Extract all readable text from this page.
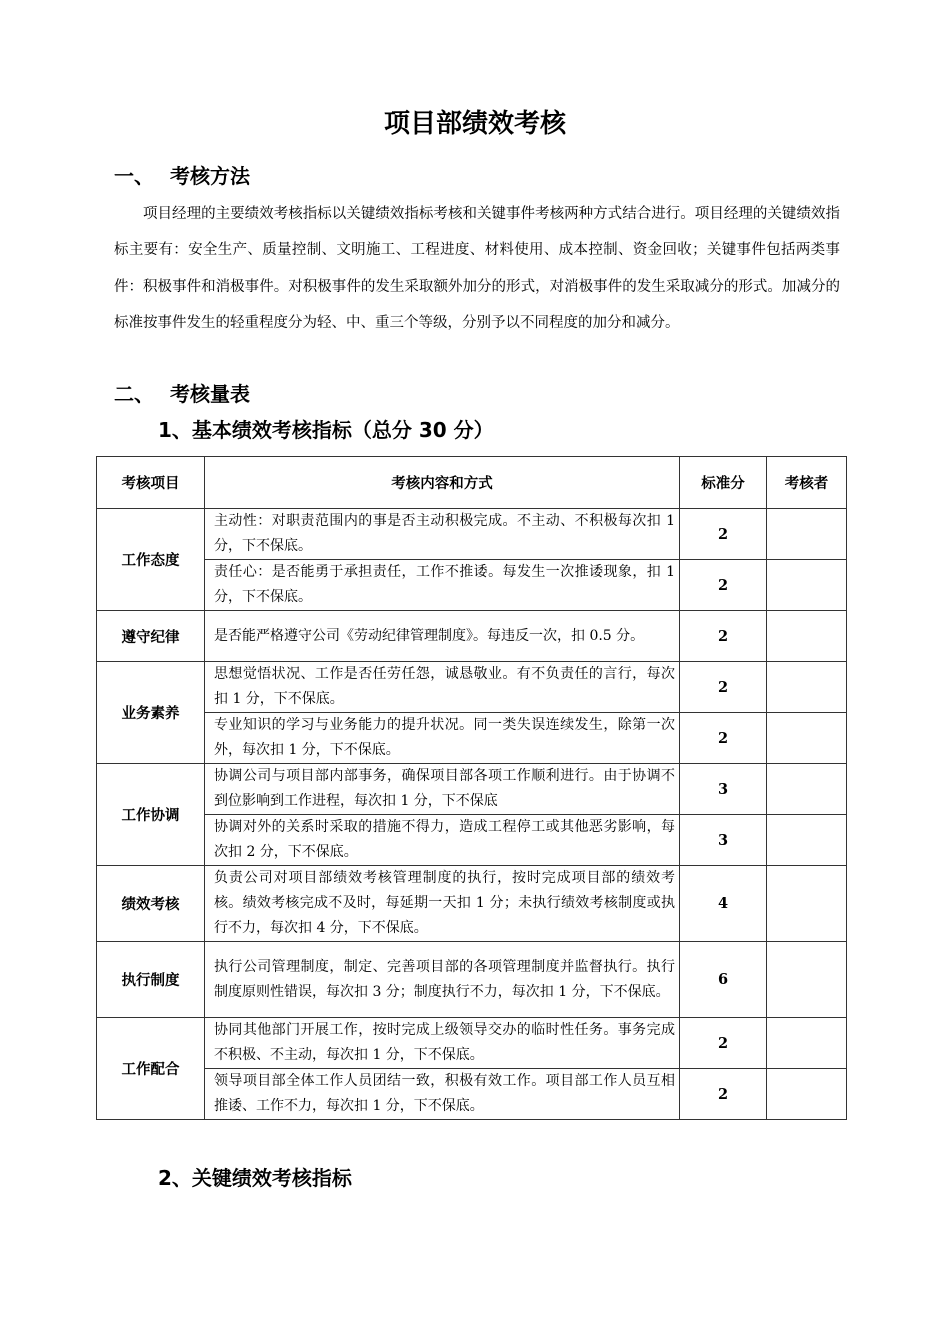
项目部绩效考核
一、 考核方法

项目经理的主要绩效考核指标以关键绩效指标考核和关键事件考核两种方式结合进行。项目经理的关键绩效指标主要有：安全生产、质量控制、文明施工、工程进度、材料使用、成本控制、资金回收；关键事件包括两类事件：积极事件和消极事件。对积极事件的发生采取额外加分的形式，对消极事件的发生采取减分的形式。加减分的标准按事件发生的轻重程度分为轻、中、重三个等级，分别予以不同程度的加分和减分。

二、 考核量表
1、基本绩效考核指标（总分 30 分）
考核项目	考核内容和方式	标准分	考核者
工作态度	主动性：对职责范围内的事是否主动积极完成。不主动、不积极每次扣 1 分，下不保底。	2	
	责任心：是否能勇于承担责任，工作不推诿。每发生一次推诿现象，扣 1 分，下不保底。	2	
遵守纪律	是否能严格遵守公司《劳动纪律管理制度》。每违反一次，扣 0.5 分。	2	
业务素养	思想觉悟状况、工作是否任劳任怨，诚恳敬业。有不负责任的言行，每次扣 1 分，下不保底。	2	
	专业知识的学习与业务能力的提升状况。同一类失误连续发生，除第一次外，每次扣 1 分，下不保底。	2	
工作协调	协调公司与项目部内部事务，确保项目部各项工作顺利进行。由于协调不到位影响到工作进程，每次扣 1 分，下不保底	3	
	协调对外的关系时采取的措施不得力，造成工程停工或其他恶劣影响，每次扣 2 分，下不保底。	3	
绩效考核	负责公司对项目部绩效考核管理制度的执行，按时完成项目部的绩效考核。绩效考核完成不及时，每延期一天扣 1 分；未执行绩效考核制度或执行不力，每次扣 4 分，下不保底。	4	
执行制度	执行公司管理制度，制定、完善项目部的各项管理制度并监督执行。执行制度原则性错误，每次扣 3 分；制度执行不力，每次扣 1 分，下不保底。	6	
工作配合	协同其他部门开展工作，按时完成上级领导交办的临时性任务。事务完成不积极、不主动，每次扣 1 分，下不保底。	2	
	领导项目部全体工作人员团结一致，积极有效工作。项目部工作人员互相推诿、工作不力，每次扣 1 分，下不保底。	2	
2、关键绩效考核指标
